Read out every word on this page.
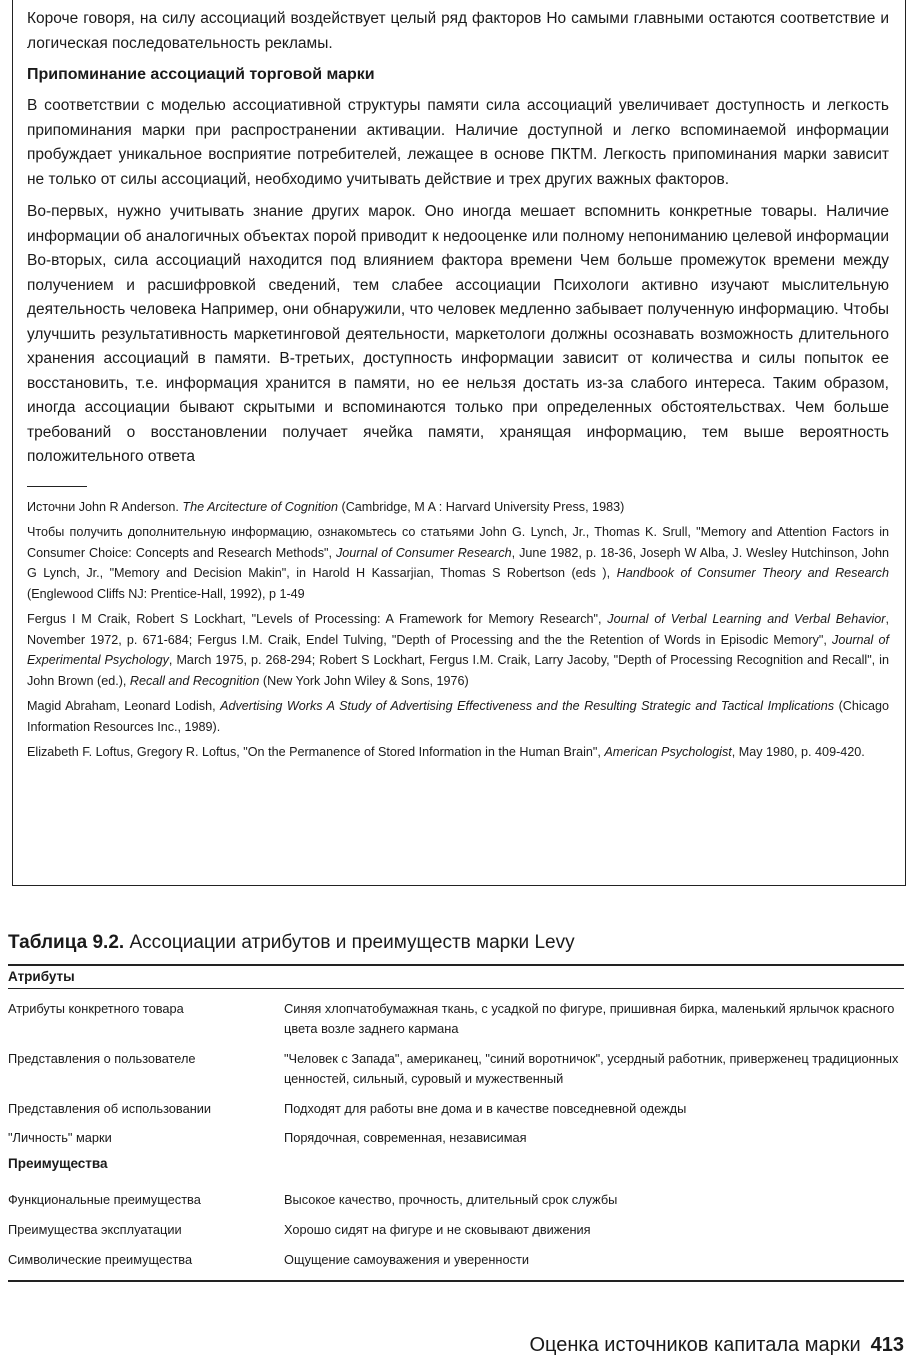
Короче говоря, на силу ассоциаций воздействует целый ряд факторов Но самыми главными остаются соответствие и логическая последовательность рекламы.

Припоминание ассоциаций торговой марки

В соответствии с моделью ассоциативной структуры памяти сила ассоциаций увеличивает доступность и легкость припоминания марки при распространении активации. Наличие доступной и легко вспоминаемой информации пробуждает уникальное восприятие потребителей, лежащее в основе ПКТМ. Легкость припоминания марки зависит не только от силы ассоциаций, необходимо учитывать действие и трех других важных факторов.

Во-первых, нужно учитывать знание других марок. Оно иногда мешает вспомнить конкретные товары. Наличие информации об аналогичных объектах порой приводит к недооценке или полному непониманию целевой информации Во-вторых, сила ассоциаций находится под влиянием фактора времени Чем больше промежуток времени между получением и расшифровкой сведений, тем слабее ассоциации Психологи активно изучают мыслительную деятельность человека Например, они обнаружили, что человек медленно забывает полученную информацию. Чтобы улучшить результативность маркетинговой деятельности, маркетологи должны осознавать возможность длительного хранения ассоциаций в памяти. В-третьих, доступность информации зависит от количества и силы попыток ее восстановить, т.е. информация хранится в памяти, но ее нельзя достать из-за слабого интереса. Таким образом, иногда ассоциации бывают скрытыми и вспоминаются только при определенных обстоятельствах. Чем больше требований о восстановлении получает ячейка памяти, хранящая информацию, тем выше вероятность положительного ответа

Источни John R Anderson. The Arcitecture of Cognition (Cambridge, M A : Harvard University Press, 1983)

Чтобы получить дополнительную информацию, ознакомьтесь со статьями John G. Lynch, Jr., Thomas K. Srull, "Memory and Attention Factors in Consumer Choice: Concepts and Research Methods", Journal of Consumer Research, June 1982, p. 18-36, Joseph W Alba, J. Wesley Hutchinson, John G Lynch, Jr., "Memory and Decision Makin", in Harold H Kassarjian, Thomas S Robertson (eds ), Handbook of Consumer Theory and Research (Englewood Cliffs NJ: Prentice-Hall, 1992), p 1-49

Fergus I M Craik, Robert S Lockhart, "Levels of Processing: A Framework for Memory Research", Journal of Verbal Learning and Verbal Behavior, November 1972, p. 671-684; Fergus I.M. Craik, Endel Tulving, "Depth of Processing and the the Retention of Words in Episodic Memory", Journal of Experimental Psychology, March 1975, p. 268-294; Robert S Lockhart, Fergus I.M. Craik, Larry Jacoby, "Depth of Processing Recognition and Recall", in John Brown (ed.), Recall and Recognition (New York John Wiley & Sons, 1976)

Magid Abraham, Leonard Lodish, Advertising Works A Study of Advertising Effectiveness and the Resulting Strategic and Tactical Implications (Chicago Information Resources Inc., 1989).

Elizabeth F. Loftus, Gregory R. Loftus, "On the Permanence of Stored Information in the Human Brain", American Psychologist, May 1980, p. 409-420.

Таблица 9.2. Ассоциации атрибутов и преимуществ марки Levy

Атрибуты
Атрибуты конкретного товара	Синяя хлопчатобумажная ткань, с усадкой по фигуре, пришивная бирка, маленький ярлычок красного цвета возле заднего кармана
Представления о пользователе	"Человек с Запада", американец, "синий воротничок", усердный работник, приверженец традиционных ценностей, сильный, суровый и мужественный
Представления об использовании	Подходят для работы вне дома и в качестве повседневной одежды
"Личность" марки	Порядочная, современная, независимая
Преимущества
Функциональные преимущества	Высокое качество, прочность, длительный срок службы
Преимущества эксплуатации	Хорошо сидят на фигуре и не сковывают движения
Символические преимущества	Ощущение самоуважения и уверенности

Оценка источников капитала марки 413
